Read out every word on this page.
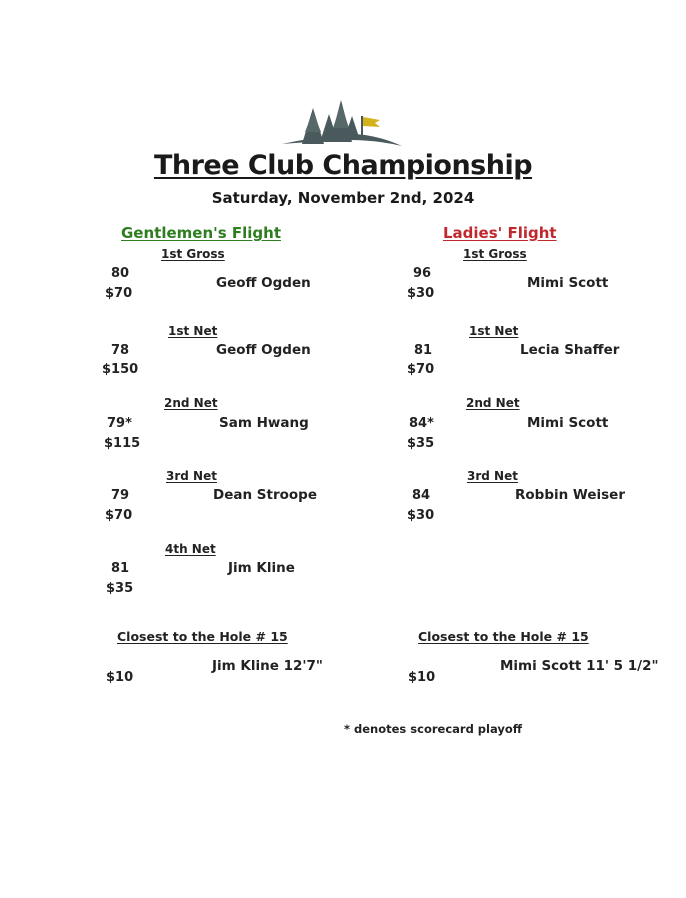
Three Club Championship
Saturday, November 2nd, 2024
Gentlemen's Flight
1st Gross
80
$70
Geoff Ogden
1st Net
78
$150
Geoff Ogden
2nd Net
79*
$115
Sam Hwang
3rd Net
79
$70
Dean Stroope
4th Net
81
$35
Jim Kline
Closest to the Hole # 15
Jim Kline 12'7"
$10
Ladies' Flight
1st Gross
96
$30
Mimi Scott
1st Net
81
$70
Lecia Shaffer
2nd Net
84*
$35
Mimi Scott
3rd Net
84
$30
Robbin Weiser
Closest to the Hole # 15
Mimi Scott 11' 5 1/2"
$10
* denotes scorecard playoff
